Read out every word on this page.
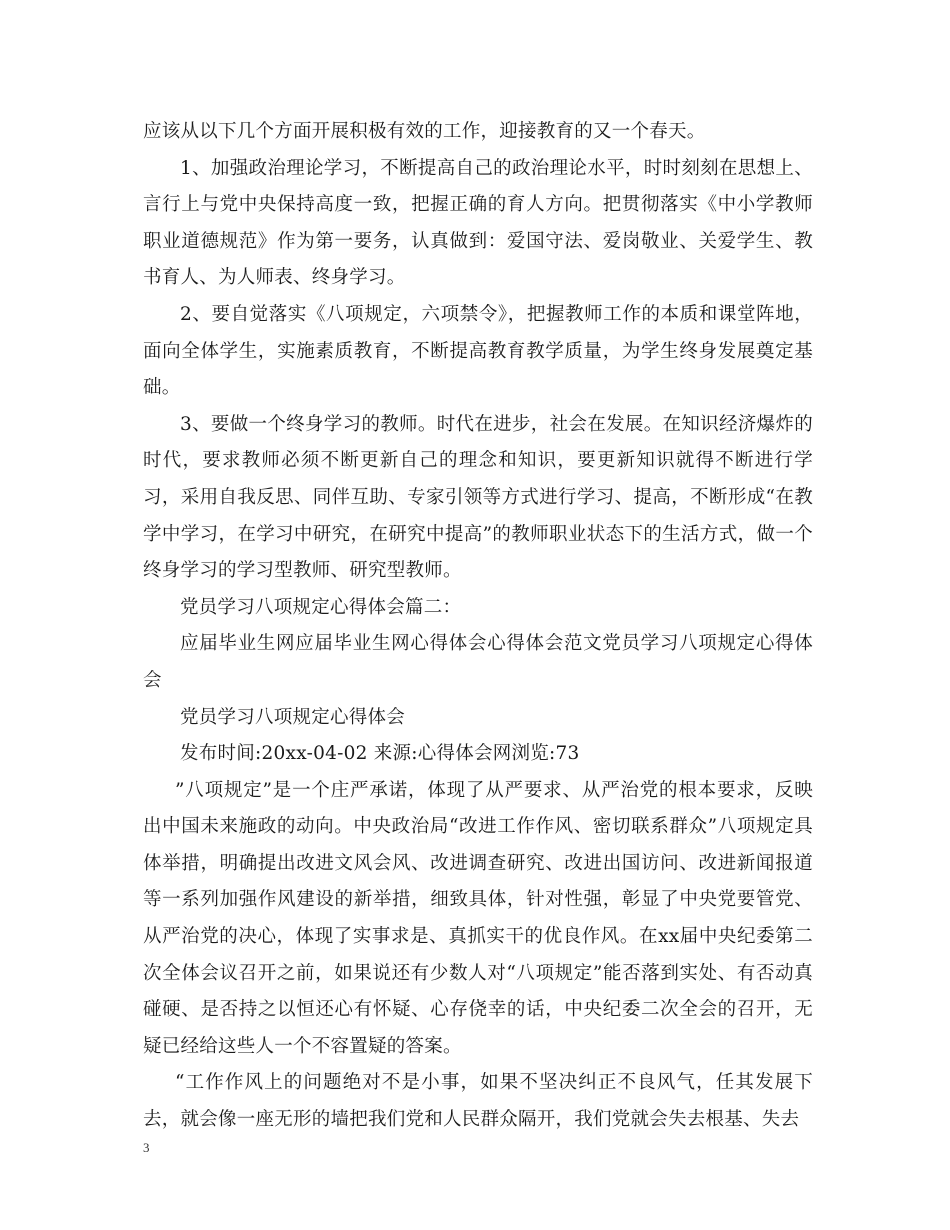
应该从以下几个方面开展积极有效的工作，迎接教育的又一个春天。

1、加强政治理论学习，不断提高自己的政治理论水平，时时刻刻在思想上、言行上与党中央保持高度一致，把握正确的育人方向。把贯彻落实《中小学教师职业道德规范》作为第一要务，认真做到：爱国守法、爱岗敬业、关爱学生、教书育人、为人师表、终身学习。

2、要自觉落实《八项规定，六项禁令》，把握教师工作的本质和课堂阵地，面向全体学生，实施素质教育，不断提高教育教学质量，为学生终身发展奠定基础。

3、要做一个终身学习的教师。时代在进步，社会在发展。在知识经济爆炸的时代，要求教师必须不断更新自己的理念和知识，要更新知识就得不断进行学习，采用自我反思、同伴互助、专家引领等方式进行学习、提高，不断形成“在教学中学习，在学习中研究，在研究中提高”的教师职业状态下的生活方式，做一个终身学习的学习型教师、研究型教师。

党员学习八项规定心得体会篇二：

应届毕业生网应届毕业生网心得体会心得体会范文党员学习八项规定心得体会

党员学习八项规定心得体会

发布时间:20xx-04-02 来源:心得体会网浏览:73

”八项规定”是一个庄严承诺，体现了从严要求、从严治党的根本要求，反映出中国未来施政的动向。中央政治局“改进工作作风、密切联系群众”八项规定具体举措，明确提出改进文风会风、改进调查研究、改进出国访问、改进新闻报道等一系列加强作风建设的新举措，细致具体，针对性强，彰显了中央党要管党、从严治党的决心，体现了实事求是、真抓实干的优良作风。在xx届中央纪委第二次全体会议召开之前，如果说还有少数人对“八项规定”能否落到实处、有否动真碰硬、是否持之以恒还心有怀疑、心存侥幸的话，中央纪委二次全会的召开，无疑已经给这些人一个不容置疑的答案。

“工作作风上的问题绝对不是小事，如果不坚决纠正不良风气，任其发展下去，就会像一座无形的墙把我们党和人民群众隔开，我们党就会失去根基、失去

3
